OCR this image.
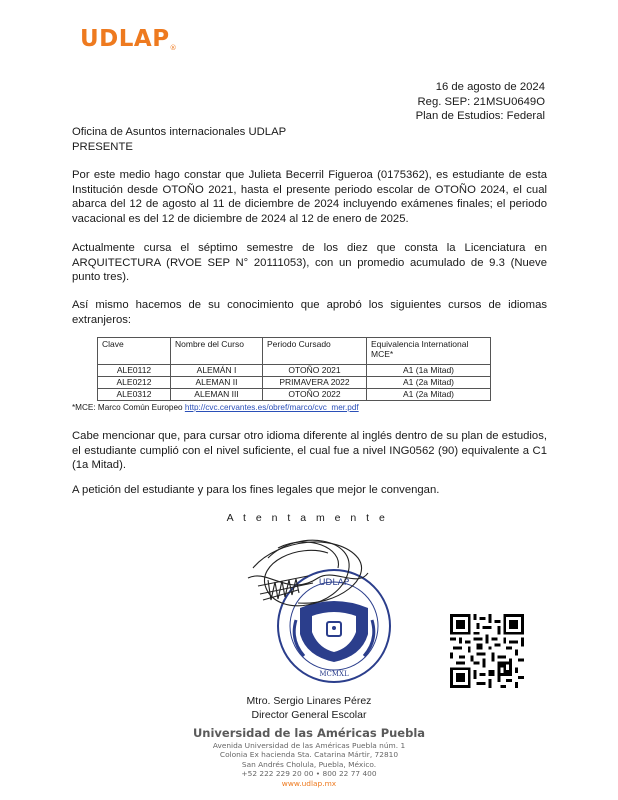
UDLAP®
16 de agosto de 2024
Reg. SEP: 21MSU0649O
Plan de Estudios: Federal
Oficina de Asuntos internacionales UDLAP
PRESENTE
Por este medio hago constar que Julieta Becerril Figueroa (0175362), es estudiante de esta Institución desde OTOÑO 2021, hasta el presente periodo escolar de OTOÑO 2024, el cual abarca del 12 de agosto al 11 de diciembre de 2024 incluyendo exámenes finales; el periodo vacacional es del 12 de diciembre de 2024 al 12 de enero de 2025.
Actualmente cursa el séptimo semestre de los diez que consta la Licenciatura en ARQUITECTURA (RVOE SEP N° 20111053), con un promedio acumulado de 9.3 (Nueve punto tres).
Así mismo hacemos de su conocimiento que aprobó los siguientes cursos de idiomas extranjeros:
Clave	Nombre del Curso	Periodo Cursado	Equivalencia International MCE*
ALE0112	ALEMÁN I	OTOÑO 2021	A1 (1a Mitad)
ALE0212	ALEMAN II	PRIMAVERA 2022	A1 (2a Mitad)
ALE0312	ALEMAN III	OTOÑO 2022	A1 (2a Mitad)
*MCE: Marco Común Europeo http://cvc.cervantes.es/obref/marco/cvc_mer.pdf
Cabe mencionar que, para cursar otro idioma diferente al inglés dentro de su plan de estudios, el estudiante cumplió con el nivel suficiente, el cual fue a nivel ING0562 (90) equivalente a C1 (1a Mitad).
A petición del estudiante y para los fines legales que mejor le convengan.
A t e n t a m e n t e
UDLAP
MCMXL
Mtro. Sergio Linares Pérez
Director General Escolar
Universidad de las Américas Puebla
Avenida Universidad de las Américas Puebla núm. 1
Colonia Ex hacienda Sta. Catarina Mártir, 72810
San Andrés Cholula, Puebla, México.
+52 222 229 20 00 • 800 22 77 400
www.udlap.mx
